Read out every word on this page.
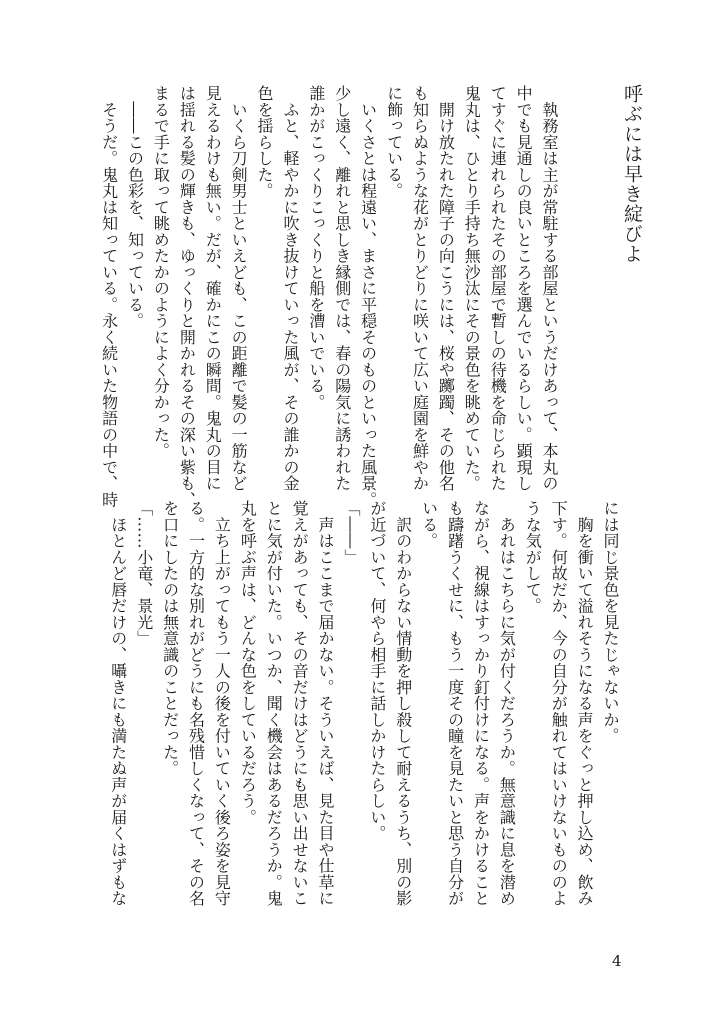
呼ぶには早き綻びよ
　執務室は主が常駐する部屋というだけあって、本丸の
中でも見通しの良いところを選んでいるらしい。顕現し
てすぐに連れられたその部屋で暫しの待機を命じられた
鬼丸は、ひとり手持ち無沙汰にその景色を眺めていた。
　開け放たれた障子の向こうには、桜や躑躅、その他名
も知らぬような花がとりどりに咲いて広い庭園を鮮やか
に飾っている。
　いくさとは程遠い、まさに平穏そのものといった風景。
少し遠く、離れと思しき縁側では、春の陽気に誘われた
誰かがこっくりこっくりと船を漕いでいる。
　ふと、軽やかに吹き抜けていった風が、その誰かの金
色を揺らした。
　いくら刀剣男士といえども、この距離で髪の一筋など
見えるわけも無い。だが、確かにこの瞬間。鬼丸の目に
は揺れる髪の輝きも、ゆっくりと開かれるその深い紫も、
まるで手に取って眺めたかのようによく分かった。
　――この色彩を、知っている。
　そうだ。鬼丸は知っている。永く続いた物語の中で、時
には同じ景色を見たじゃないか。
　胸を衝いて溢れそうになる声をぐっと押し込め、飲み
下す。何故だか、今の自分が触れてはいけないもののよ
うな気がして。
　あれはこちらに気が付くだろうか。無意識に息を潜め
ながら、視線はすっかり釘付けになる。声をかけること
も躊躇うくせに、もう一度その瞳を見たいと思う自分が
いる。
　訳のわからない情動を押し殺して耐えるうち、別の影
が近づいて、何やら相手に話しかけたらしい。
「――」
　声はここまで届かない。そういえば、見た目や仕草に
覚えがあっても、その音だけはどうにも思い出せないこ
とに気が付いた。いつか、聞く機会はあるだろうか。鬼
丸を呼ぶ声は、どんな色をしているだろう。
　立ち上がってもう一人の後を付いていく後ろ姿を見守
る。一方的な別れがどうにも名残惜しくなって、その名
を口にしたのは無意識のことだった。
「……小竜、景光」
　ほとんど唇だけの、囁きにも満たぬ声が届くはずもな
4
